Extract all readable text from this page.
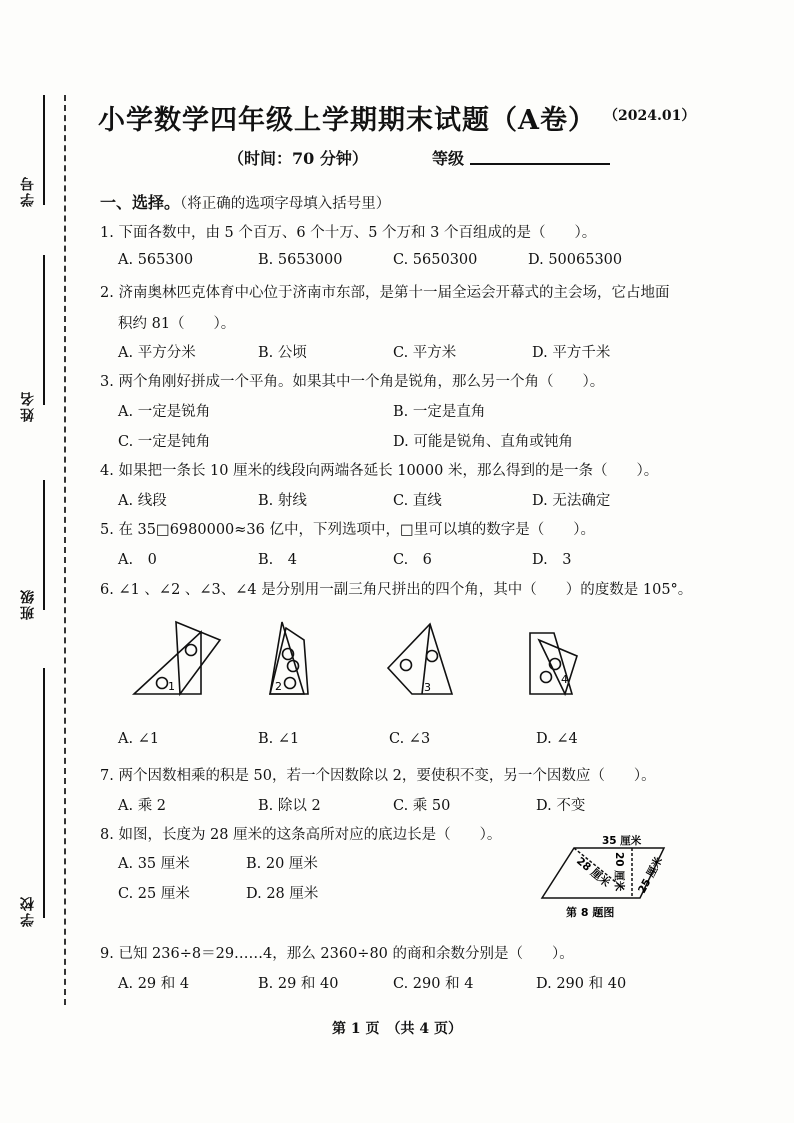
学号
姓名
班级
学校
小学数学四年级上学期期末试题（A卷） （2024.01）
（时间：70 分钟）	等级
一、选择。（将正确的选项字母填入括号里）
1. 下面各数中，由 5 个百万、6 个十万、5 个万和 3 个百组成的是（　　）。
A. 565300	B. 5653000	C. 5650300	D. 50065300
2. 济南奥林匹克体育中心位于济南市东部，是第十一届全运会开幕式的主会场，它占地面
积约 81（　　）。
A. 平方分米	B. 公顷	C. 平方米	D. 平方千米
3. 两个角刚好拼成一个平角。如果其中一个角是锐角，那么另一个角（　　）。
A. 一定是锐角	B. 一定是直角
C. 一定是钝角	D. 可能是锐角、直角或钝角
4. 如果把一条长 10 厘米的线段向两端各延长 10000 米，那么得到的是一条（　　）。
A. 线段	B. 射线	C. 直线	D. 无法确定
5. 在 35□6980000≈36 亿中，下列选项中，□里可以填的数字是（　　）。
A.　0	B.　4	C.　6	D.　3
6. ∠1 、∠2 、∠3、∠4 是分别用一副三角尺拼出的四个角，其中（　　）的度数是 105°。
1	2	3
4
A. ∠1	B. ∠1	C. ∠3	D. ∠4
7. 两个因数相乘的积是 50，若一个因数除以 2，要使积不变，另一个因数应（　　）。
A. 乘 2	B. 除以 2	C. 乘 50	D. 不变
8. 如图，长度为 28 厘米的这条高所对应的底边长是（　　）。
A. 35 厘米	B. 20 厘米
C. 25 厘米	D. 28 厘米
35 厘米
20 厘米
28 厘米 25 厘米
第 8 题图
9. 已知 236÷8＝29……4，那么 2360÷80 的商和余数分别是（　　）。
A. 29 和 4	B. 29 和 40	C. 290 和 4	D. 290 和 40
第 1 页　（共 4 页）
